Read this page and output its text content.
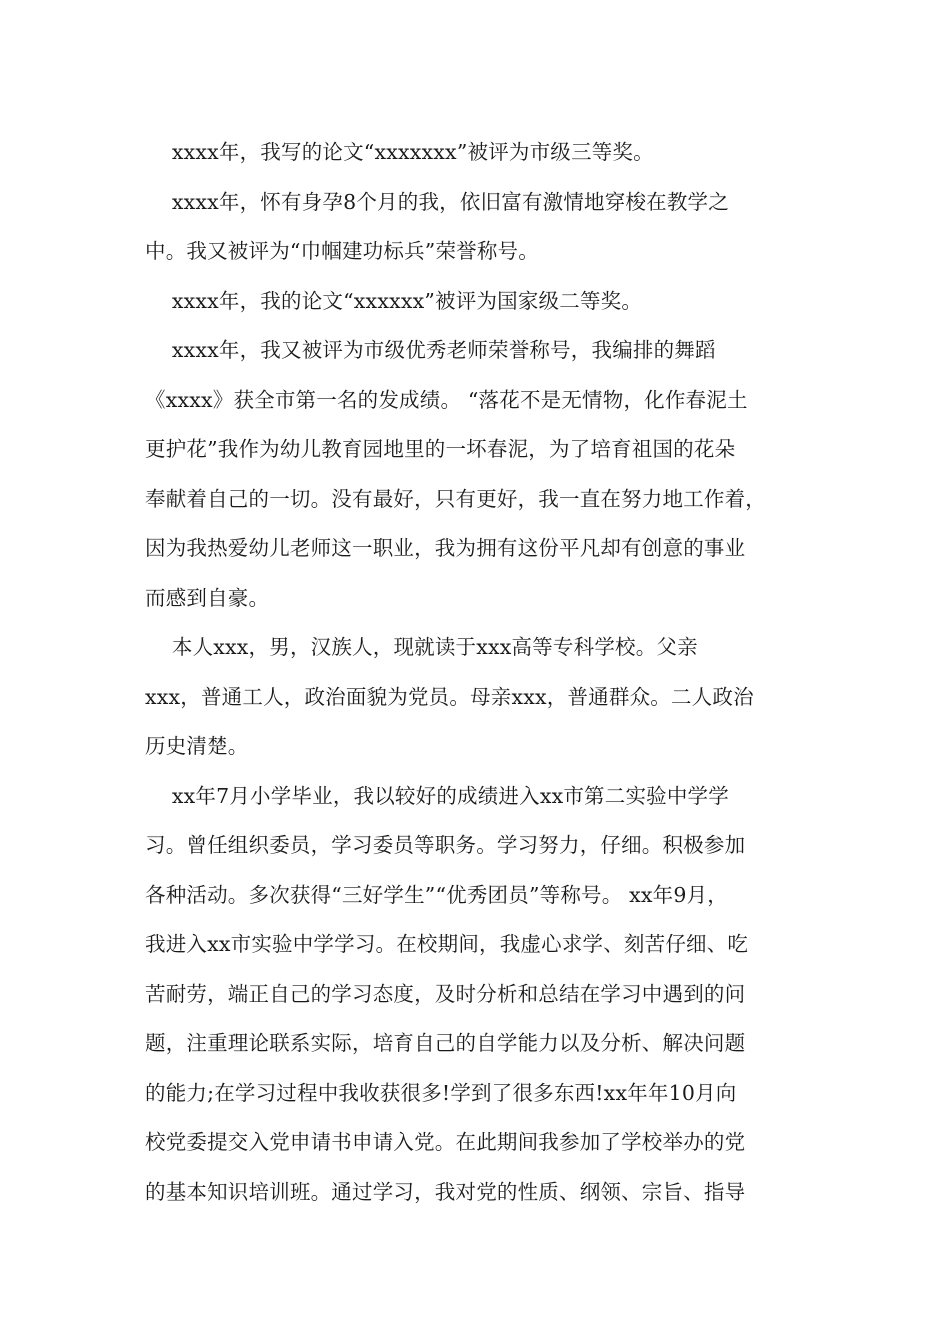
xxxx年，我写的论文“xxxxxxx”被评为市级三等奖。
xxxx年，怀有身孕8个月的我，依旧富有激情地穿梭在教学之
中。我又被评为“巾帼建功标兵”荣誉称号。
xxxx年，我的论文“xxxxxx”被评为国家级二等奖。
xxxx年，我又被评为市级优秀老师荣誉称号，我编排的舞蹈
《xxxx》获全市第一名的发成绩。 “落花不是无情物，化作春泥土
更护花”我作为幼儿教育园地里的一坏春泥，为了培育祖国的花朵
奉献着自己的一切。没有最好，只有更好，我一直在努力地工作着，
因为我热爱幼儿老师这一职业，我为拥有这份平凡却有创意的事业
而感到自豪。
本人xxx，男，汉族人，现就读于xxx高等专科学校。父亲
xxx，普通工人，政治面貌为党员。母亲xxx，普通群众。二人政治
历史清楚。
xx年7月小学毕业，我以较好的成绩进入xx市第二实验中学学
习。曾任组织委员，学习委员等职务。学习努力，仔细。积极参加
各种活动。多次获得“三好学生”“优秀团员”等称号。 xx年9月，
我进入xx市实验中学学习。在校期间，我虚心求学、刻苦仔细、吃
苦耐劳，端正自己的学习态度，及时分析和总结在学习中遇到的问
题，注重理论联系实际，培育自己的自学能力以及分析、解决问题
的能力;在学习过程中我收获很多!学到了很多东西!xx年年10月向
校党委提交入党申请书申请入党。在此期间我参加了学校举办的党
的基本知识培训班。通过学习，我对党的性质、纲领、宗旨、指导
